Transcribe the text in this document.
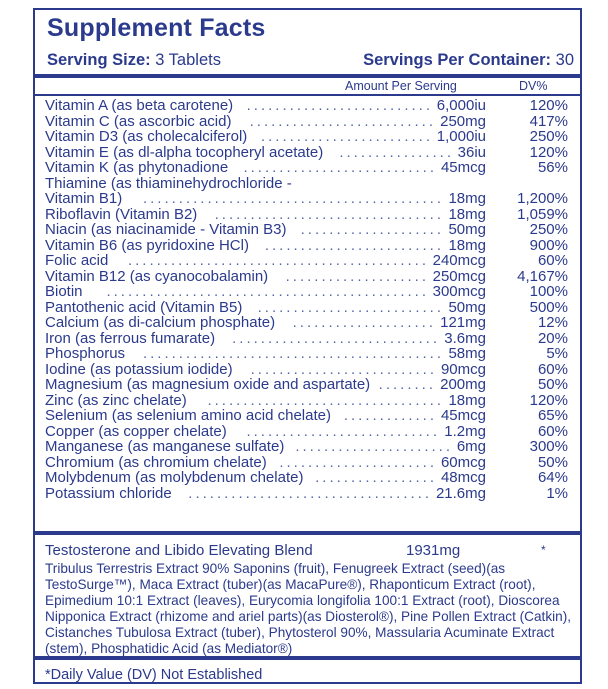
Supplement Facts
Serving Size: 3 Tablets	Servings Per Container: 30
Amount Per Serving	DV%
Vitamin A (as beta carotene) .......................... 6,000iu	120%
Vitamin C (as ascorbic acid)	.......................... 250mg	417%
Vitamin D3 (as cholecalciferol) ........................ 1,000iu	250%
Vitamin E (as dl-alpha tocopheryl acetate)	................ 36iu	120%
Vitamin K (as phytonadione	........................... 45mcg	56%
Thiamine (as thiaminehydrochloride -
Vitamin B1)	.......................................... 18mg 1,200%
Riboflavin (Vitamin B2)	................................ 18mg 1,059%
Niacin (as niacinamide - Vitamin B3) .................... 50mg	250%
Vitamin B6 (as pyridoxine HCl)	......................... 18mg	900%
Folic acid	.......................................... 240mcg	60%
Vitamin B12 (as cyanocobalamin)	.................... 250mcg 4,167%
Biotin	............................................. 300mcg	100%
Pantothenic acid (Vitamin B5)	.......................... 50mg	500%
Calcium (as di-calcium phosphate)	.................... 121mg	12%
Iron (as ferrous fumarate)	............................. 3.6mg	20%
Phosphorus	.......................................... 58mg	5%
Iodine (as potassium iodide)	.......................... 90mcg	60%
Magnesium (as magnesium oxide and aspartate) ........ 200mg	50%
Zinc (as zinc chelate)	................................. 18mg	120%
Selenium (as selenium amino acid chelate) ............. 45mcg	65%
Copper (as copper chelate)	........................... 1.2mg	60%
Manganese (as manganese sulfate) ...................... 6mg	300%
Chromium (as chromium chelate) ...................... 60mcg	50%
Molybdenum (as molybdenum chelate) ................. 48mcg	64%
Potassium chloride	.................................. 21.6mg	1%
Testosterone and Libido Elevating Blend	1931mg	*
Tribulus Terrestris Extract 90% Saponins (fruit), Fenugreek Extract (seed)(as TestoSurge™), Maca Extract (tuber)(as MacaPure®), Rhaponticum Extract (root), Epimedium 10:1 Extract (leaves), Eurycomia longifolia 100:1 Extract (root), Dioscorea Nipponica Extract (rhizome and ariel parts)(as Diosterol®), Pine Pollen Extract (Catkin), Cistanches Tubulosa Extract (tuber), Phytosterol 90%, Massularia Acuminate Extract (stem), Phosphatidic Acid (as Mediator®)
*Daily Value (DV) Not Established
